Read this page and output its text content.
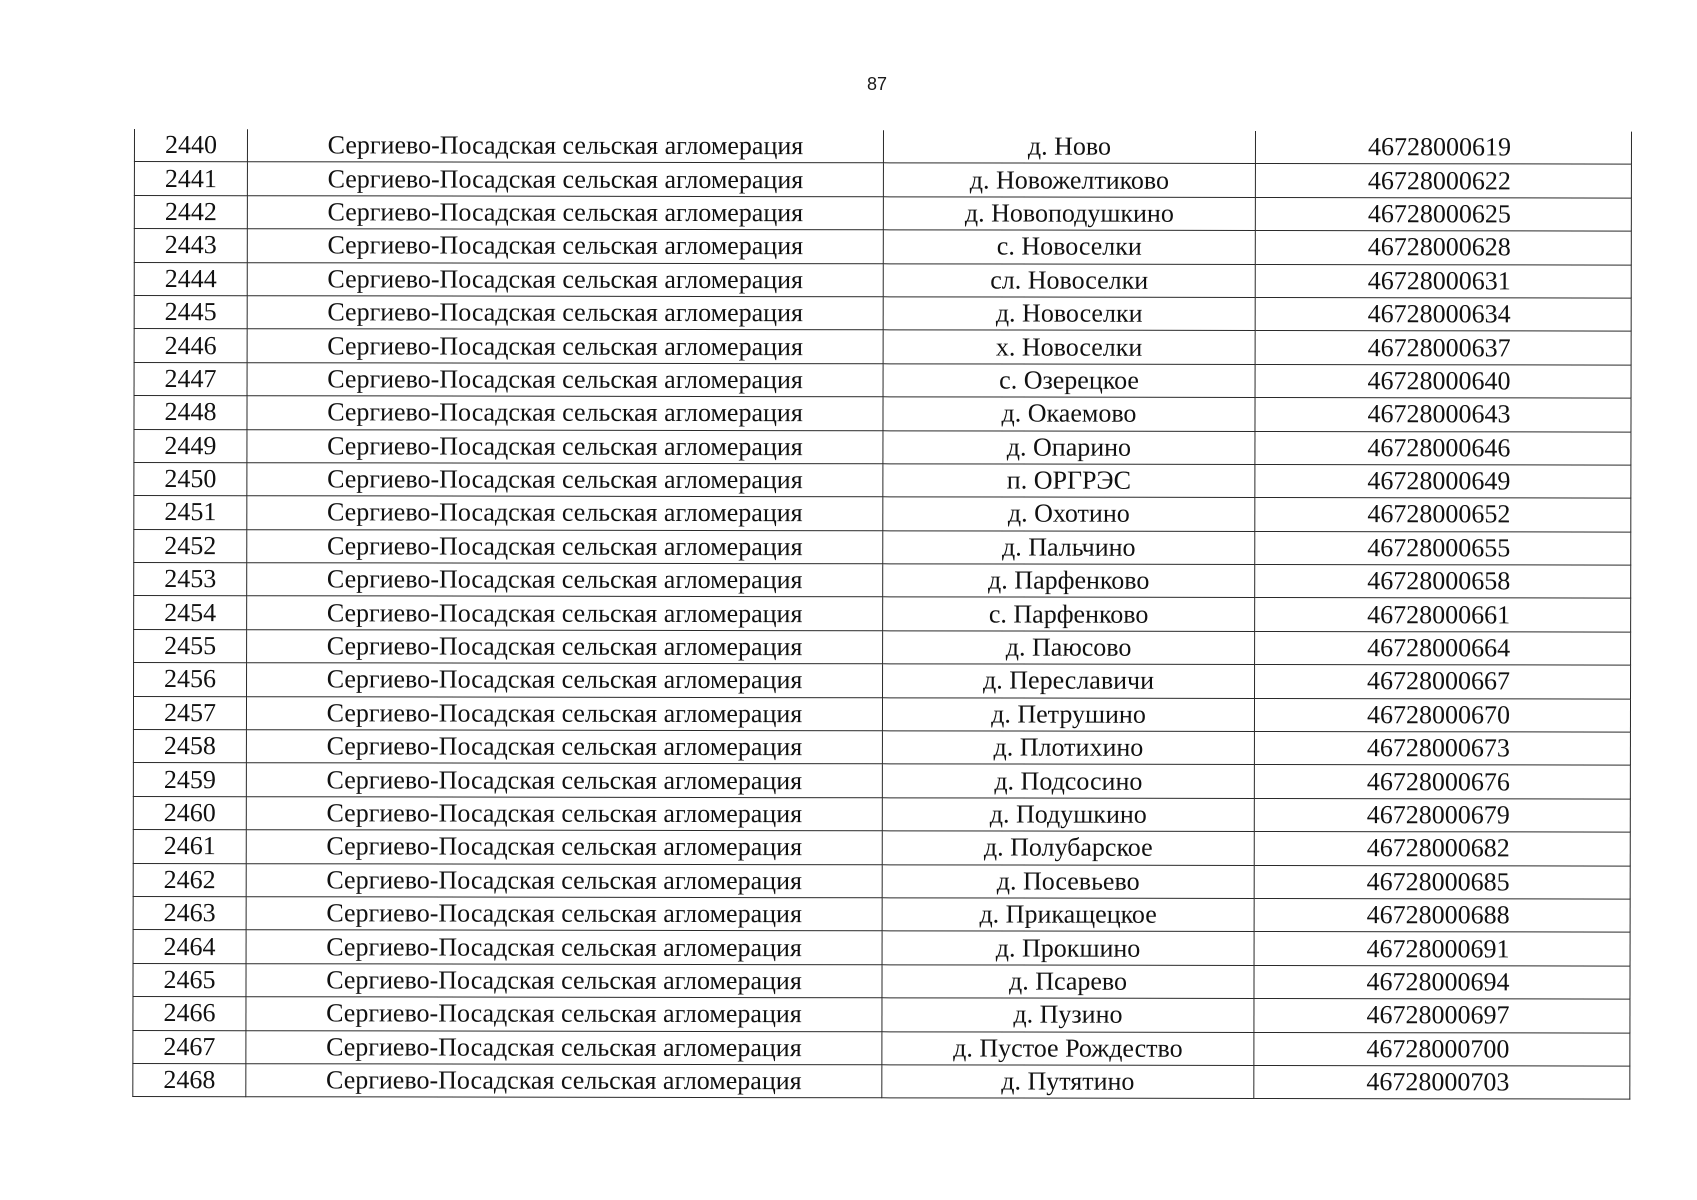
87
2440	Сергиево-Посадская сельская агломерация	д. Ново	46728000619
2441	Сергиево-Посадская сельская агломерация	д. Новожелтиково	46728000622
2442	Сергиево-Посадская сельская агломерация	д. Новоподушкино	46728000625
2443	Сергиево-Посадская сельская агломерация	с. Новоселки	46728000628
2444	Сергиево-Посадская сельская агломерация	сл. Новоселки	46728000631
2445	Сергиево-Посадская сельская агломерация	д. Новоселки	46728000634
2446	Сергиево-Посадская сельская агломерация	х. Новоселки	46728000637
2447	Сергиево-Посадская сельская агломерация	с. Озерецкое	46728000640
2448	Сергиево-Посадская сельская агломерация	д. Окаемово	46728000643
2449	Сергиево-Посадская сельская агломерация	д. Опарино	46728000646
2450	Сергиево-Посадская сельская агломерация	п. ОРГРЭС	46728000649
2451	Сергиево-Посадская сельская агломерация	д. Охотино	46728000652
2452	Сергиево-Посадская сельская агломерация	д. Пальчино	46728000655
2453	Сергиево-Посадская сельская агломерация	д. Парфенково	46728000658
2454	Сергиево-Посадская сельская агломерация	с. Парфенково	46728000661
2455	Сергиево-Посадская сельская агломерация	д. Паюсово	46728000664
2456	Сергиево-Посадская сельская агломерация	д. Переславичи	46728000667
2457	Сергиево-Посадская сельская агломерация	д. Петрушино	46728000670
2458	Сергиево-Посадская сельская агломерация	д. Плотихино	46728000673
2459	Сергиево-Посадская сельская агломерация	д. Подсосино	46728000676
2460	Сергиево-Посадская сельская агломерация	д. Подушкино	46728000679
2461	Сергиево-Посадская сельская агломерация	д. Полубарское	46728000682
2462	Сергиево-Посадская сельская агломерация	д. Посевьево	46728000685
2463	Сергиево-Посадская сельская агломерация	д. Прикащецкое	46728000688
2464	Сергиево-Посадская сельская агломерация	д. Прокшино	46728000691
2465	Сергиево-Посадская сельская агломерация	д. Псарево	46728000694
2466	Сергиево-Посадская сельская агломерация	д. Пузино	46728000697
2467	Сергиево-Посадская сельская агломерация	д. Пустое Рождество	46728000700
2468	Сергиево-Посадская сельская агломерация	д. Путятино	46728000703
